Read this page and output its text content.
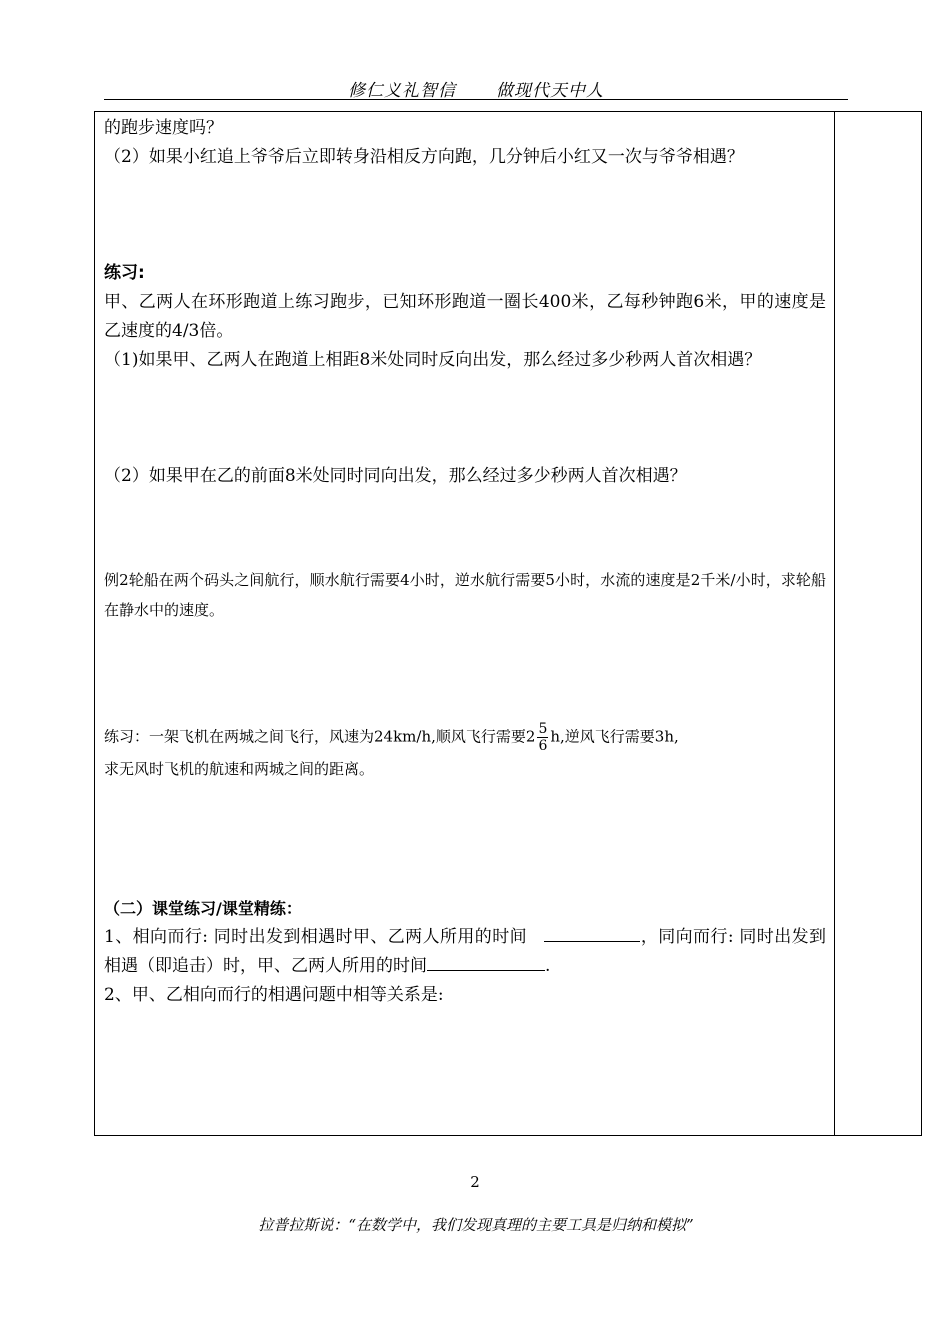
修仁义礼智信 做现代天中人

的跑步速度吗？

（2）如果小红追上爷爷后立即转身沿相反方向跑，几分钟后小红又一次与爷爷相遇？

练习:

甲、乙两人在环形跑道上练习跑步，已知环形跑道一圈长400米，乙每秒钟跑6米，甲的速度是乙速度的4/3倍。

（1)如果甲、乙两人在跑道上相距8米处同时反向出发，那么经过多少秒两人首次相遇？

（2）如果甲在乙的前面8米处同时同向出发，那么经过多少秒两人首次相遇？

例2轮船在两个码头之间航行，顺水航行需要4小时，逆水航行需要5小时，水流的速度是2千米/小时，求轮船在静水中的速度。

练习：一架飞机在两城之间飞行，风速为24km/h,顺风飞行需要$2 \frac{5}{6} h$,逆风飞行需要3h,

求无风时飞机的航速和两城之间的距离。

（二）课堂练习/课堂精练：

1、相向而行: 同时出发到相遇时甲、乙两人所用的时间	，同向而行: 同时出发到相遇（即追击）时，甲、乙两人所用的时间	.

2、甲、乙相向而行的相遇问题中相等关系是:

2
拉普拉斯说：“在数学中，我们发现真理的主要工具是归纳和模拟”
